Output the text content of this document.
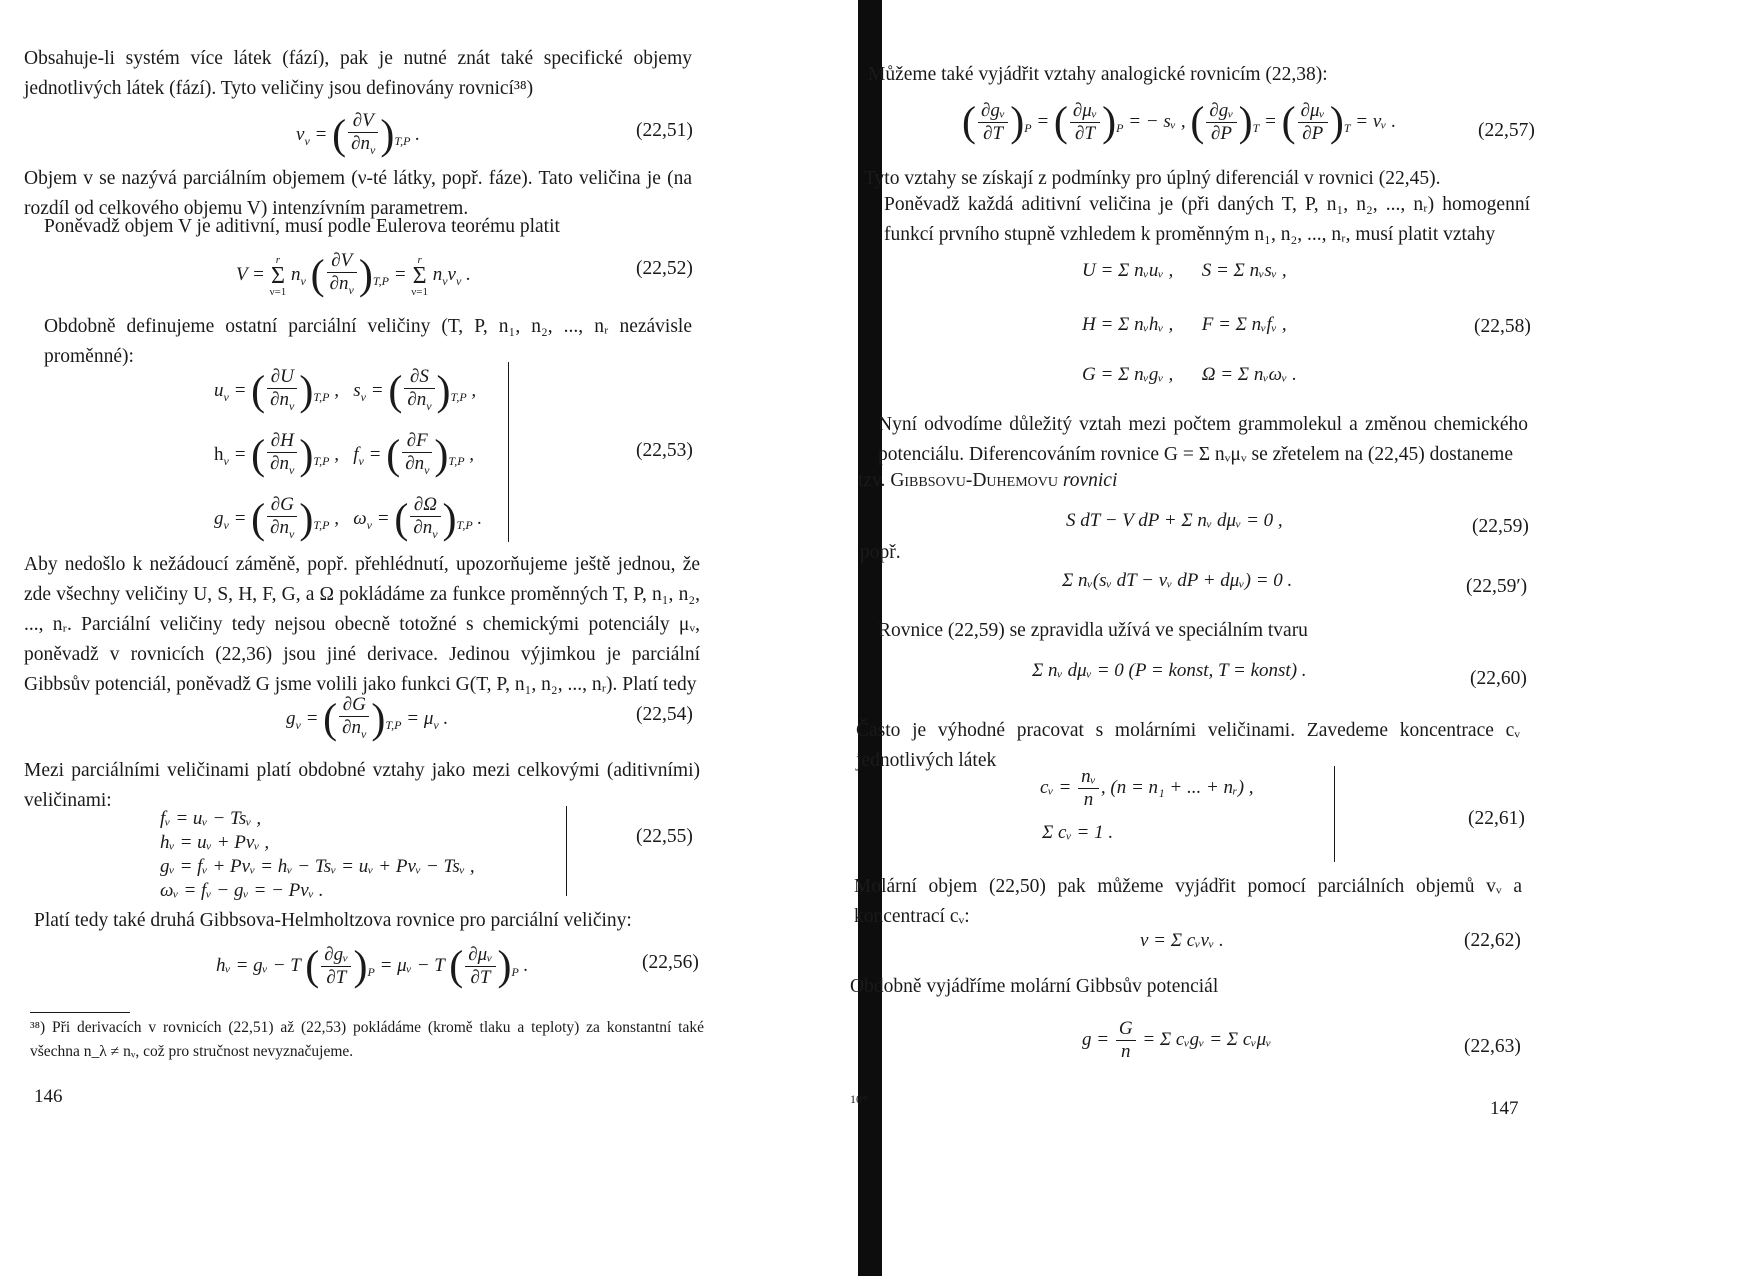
Obsahuje-li systém více látek (fází), pak je nutné znát také specifické objemy jednotlivých látek (fází). Tyto veličiny jsou definovány rovnicí³⁸)
$v_\nu$ = ( $\frac{\partial V}{\partial n_\nu} )_{T,P}$ .	(22,51)
Objem v se nazývá parciálním objemem (ν-té látky, popř. fáze). Tato veličina je (na rozdíl od celkového objemu V) intenzívním parametrem.
Poněvadž objem V je aditivní, musí podle Eulerova teorému platit
V =
r
Σ
ν=1
$n_\nu$ ( $\frac{\partial V}{\partial n_\nu} )_{T,P}$ =
r
Σ
ν=1
$n_\nu v_\nu$ .	(22,52)
Obdobně definujeme ostatní parciální veličiny (T, P, n₁, n₂, ..., nᵣ nezávisle proměnné):
$u_\nu$ = ( $\frac{\partial U}{\partial n_\nu} )_{T,P}$ ,   $s_\nu$ = ( $\frac{\partial S}{\partial n_\nu} )_{T,P}$ ,
$h_\nu$ = ( $\frac{\partial H}{\partial n_\nu} )_{T,P}$ ,   $f_\nu$ = ( $\frac{\partial F}{\partial n_\nu} )_{T,P}$ ,
$g_\nu$ = ( $\frac{\partial G}{\partial n_\nu} )_{T,P}$ ,   $\omega_\nu$ = ( $\frac{\partial\Omega}{\partial n_\nu} )_{T,P}$ .
(22,53)
Aby nedošlo k nežádoucí záměně, popř. přehlédnutí, upozorňujeme ještě jednou, že zde všechny veličiny U, S, H, F, G, a Ω pokládáme za funkce proměnných T, P, n₁, n₂, ..., nᵣ. Parciální veličiny tedy nejsou obecně totožné s chemickými potenciály μᵥ, poněvadž v rovnicích (22,36) jsou jiné derivace. Jedinou výjimkou je parciální Gibbsův potenciál, poněvadž G jsme volili jako funkci G(T, P, n₁, n₂, ..., nᵣ). Platí tedy
$g_\nu$ = ( $\frac{\partial G}{\partial n_\nu} )_{T,P} = \mu_\nu$ .	(22,54)
Mezi parciálními veličinami platí obdobné vztahy jako mezi celkovými (aditivními) veličinami:
fᵥ = uᵥ − Tsᵥ ,
hᵥ = uᵥ + Pvᵥ ,
gᵥ = fᵥ + Pvᵥ = hᵥ − Tsᵥ = uᵥ + Pvᵥ − Tsᵥ ,
ωᵥ = fᵥ − gᵥ = − Pvᵥ .
(22,55)
Platí tedy také druhá Gibbsova-Helmholtzova rovnice pro parciální veličiny:
hᵥ = gᵥ − T ( $\frac{\text{∂gᵥ}}{\partial T} )_P$ = μᵥ − T ( $\frac{\text{∂μᵥ}}{\partial T} )_P$ .	(22,56)
³⁸) Při derivacích v rovnicích (22,51) až (22,53) pokládáme (kromě tlaku a teploty) za konstantní také všechna n_λ ≠ nᵥ, což pro stručnost nevyznačujeme.
146
Můžeme také vyjádřit vztahy analogické rovnicím (22,38):
( $\frac{\text{∂gᵥ}}{\partial T} )_P$ = ( $\frac{\text{∂μᵥ}}{\partial T} )_P$ = − sᵥ , ( $\frac{\text{∂gᵥ}}{\partial P} )_T$ = ( $\frac{\text{∂μᵥ}}{\partial P} )_T$ = vᵥ .	(22,57)
Tyto vztahy se získají z podmínky pro úplný diferenciál v rovnici (22,45).
Poněvadž každá aditivní veličina je (při daných T, P, n₁, n₂, ..., nᵣ) homogenní funkcí prvního stupně vzhledem k proměnným n₁, n₂, ..., nᵣ, musí platit vztahy
U = Σ nᵥuᵥ , S = Σ nᵥsᵥ ,
H = Σ nᵥhᵥ , F = Σ nᵥfᵥ ,
G = Σ nᵥgᵥ , Ω = Σ nᵥωᵥ .
(22,58)
Nyní odvodíme důležitý vztah mezi počtem grammolekul a změnou chemického potenciálu. Diferencováním rovnice G = Σ nᵥμᵥ se zřetelem na (22,45) dostaneme
tzv. Gibbsovu-Duhemovu rovnici
S dT − V dP + Σ nᵥ dμᵥ = 0 ,	(22,59)
popř.
Σ nᵥ(sᵥ dT − vᵥ dP + dμᵥ) = 0 .	(22,59′)
Rovnice (22,59) se zpravidla užívá ve speciálním tvaru
Σ nᵥ dμᵥ = 0 (P = konst, T = konst) .	(22,60)
Často je výhodné pracovat s molárními veličinami. Zavedeme koncentrace cᵥ jednotlivých látek
cᵥ = $\frac{\text{nᵥ}}{n}$ , (n = n₁ + ... + nᵣ) ,
Σ cᵥ = 1 .
(22,61)
Molární objem (22,50) pak můžeme vyjádřit pomocí parciálních objemů vᵥ a koncentrací cᵥ:
v = Σ cᵥvᵥ .	(22,62)
Obdobně vyjádříme molární Gibbsův potenciál
$g = \frac{G}{n} = \Sigma$ cᵥgᵥ = Σ cᵥμᵥ	(22,63)
10*	147
